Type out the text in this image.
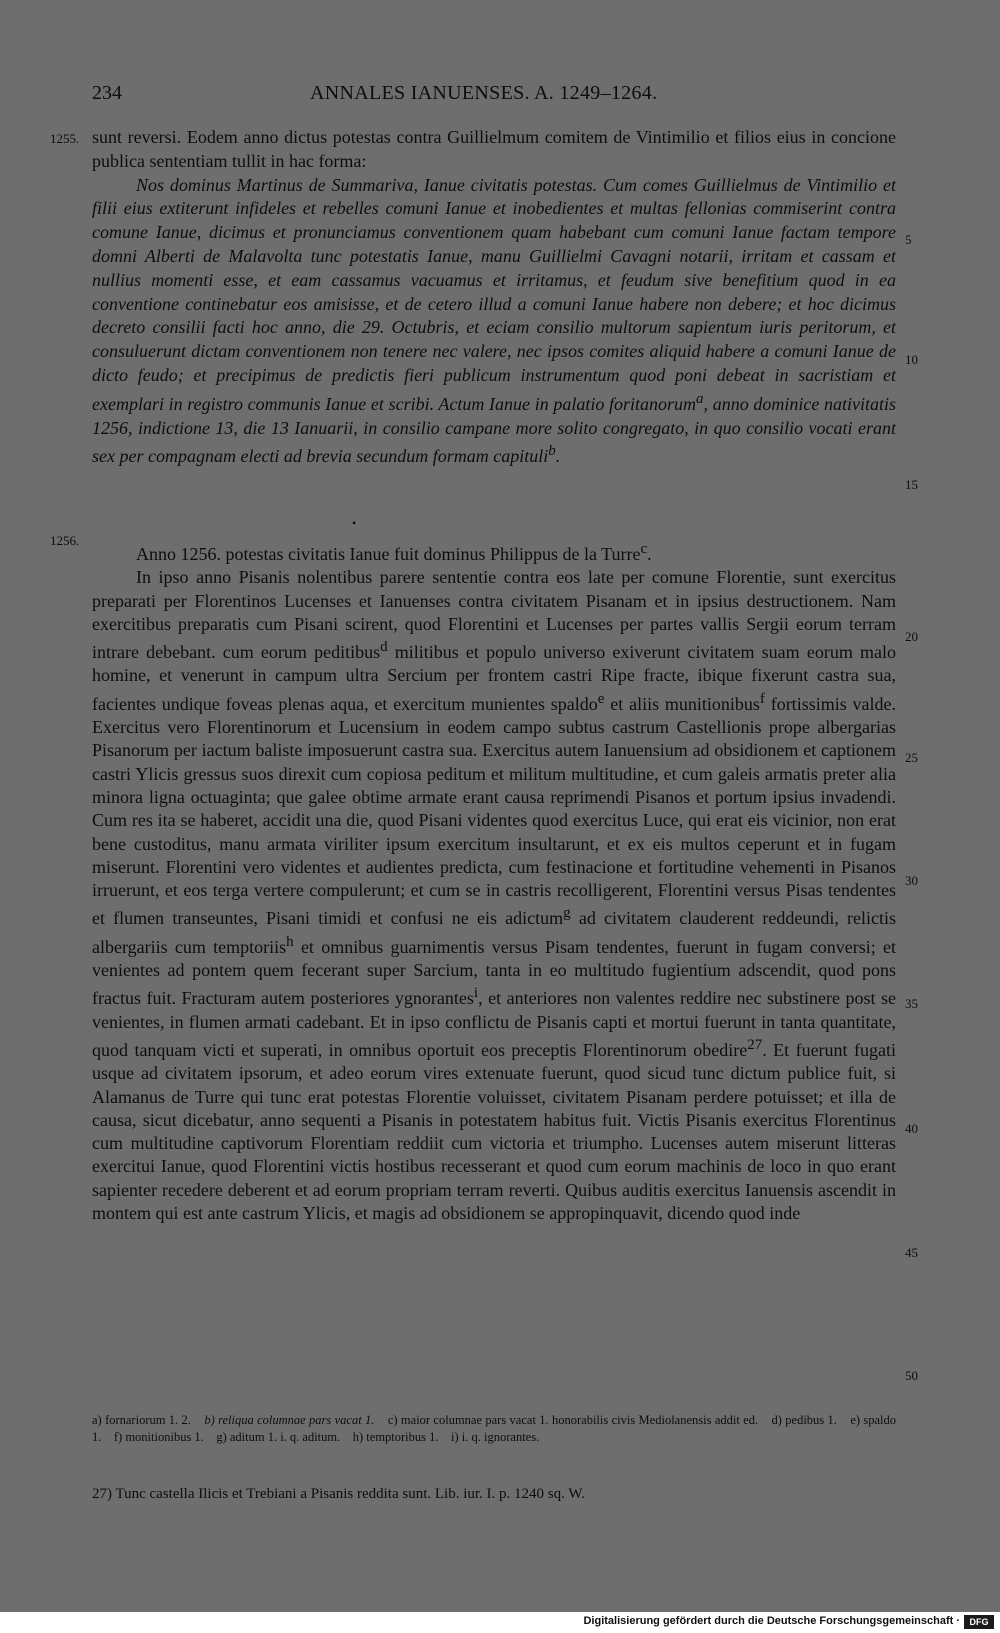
234	ANNALES IANUENSES. A. 1249–1264.
1255.
1256.
5
10
15
20
25
30
35
40
45
50

sunt reversi. Eodem anno dictus potestas contra Guillielmum comitem de Vintimilio et filios eius in concione publica sententiam tullit in hac forma:
Nos dominus Martinus de Summariva, Ianue civitatis potestas. Cum comes Guillielmus de Vintimilio et filii eius extiterunt infideles et rebelles comuni Ianue et inobedientes et multas fellonias commiserint contra comune Ianue, dicimus et pronunciamus conventionem quam habebant cum comuni Ianue factam tempore domni Alberti de Malavolta tunc potestatis Ianue, manu Guillielmi Cavagni notarii, irritam et cassam et nullius momenti esse, et eam cassamus vacuamus et irritamus, et feudum sive benefitium quod in ea conventione continebatur eos amisisse, et de cetero illud a comuni Ianue habere non debere; et hoc dicimus decreto consilii facti hoc anno, die 29. Octubris, et eciam consilio multorum sapientum iuris peritorum, et consuluerunt dictam conventionem non tenere nec valere, nec ipsos comites aliquid habere a comuni Ianue de dicto feudo; et precipimus de predictis fieri publicum instrumentum quod poni debeat in sacristiam et exemplari in registro communis Ianue et scribi. Actum Ianue in palatio foritanorum$^a$, anno dominice nativitatis 1256, indictione 13, die 13 Ianuarii, in consilio campane more solito congregato, in quo consilio vocati erant sex per compagnam electi ad brevia secundum formam capituli$^b$.

•

Anno 1256. potestas civitatis Ianue fuit dominus Philippus de la Turre$^c$.

In ipso anno Pisanis nolentibus parere sententie contra eos late per comune Florentie, sunt exercitus preparati per Florentinos Lucenses et Ianuenses contra civitatem Pisanam et in ipsius destructionem. Nam exercitibus preparatis cum Pisani scirent, quod Florentini et Lucenses per partes vallis Sergii eorum terram intrare debebant. cum eorum peditibus$^d$ militibus et populo universo exiverunt civitatem suam eorum malo homine, et venerunt in campum ultra Sercium per frontem castri Ripe fracte, ibique fixerunt castra sua, facientes undique foveas plenas aqua, et exercitum munientes spaldo$^e$ et aliis munitionibus$^f$ fortissimis valde. Exercitus vero Florentinorum et Lucensium in eodem campo subtus castrum Castellionis prope albergarias Pisanorum per iactum baliste imposuerunt castra sua. Exercitus autem Ianuensium ad obsidionem et captionem castri Ylicis gressus suos direxit cum copiosa peditum et militum multitudine, et cum galeis armatis preter alia minora ligna octuaginta; que galee obtime armate erant causa reprimendi Pisanos et portum ipsius invadendi. Cum res ita se haberet, accidit una die, quod Pisani videntes quod exercitus Luce, qui erat eis vicinior, non erat bene custoditus, manu armata viriliter ipsum exercitum insultarunt, et ex eis multos ceperunt et in fugam miserunt. Florentini vero videntes et audientes predicta, cum festinacione et fortitudine vehementi in Pisanos irruerunt, et eos terga vertere compulerunt; et cum se in castris recolligerent, Florentini versus Pisas tendentes et flumen transeuntes, Pisani timidi et confusi ne eis adictum$^g$ ad civitatem clauderent reddeundi, relictis albergariis cum temptoriis$^h$ et omnibus guarnimentis versus Pisam tendentes, fuerunt in fugam conversi; et venientes ad pontem quem fecerant super Sarcium, tanta in eo multitudo fugientium adscendit, quod pons fractus fuit. Fracturam autem posteriores ygnorantes$^i$, et anteriores non valentes reddire nec substinere post se venientes, in flumen armati cadebant. Et in ipso conflictu de Pisanis capti et mortui fuerunt in tanta quantitate, quod tanquam victi et superati, in omnibus oportuit eos preceptis Florentinorum obedire$^{27}$. Et fuerunt fugati usque ad civitatem ipsorum, et adeo eorum vires extenuate fuerunt, quod sicud tunc dictum publice fuit, si Alamanus de Turre qui tunc erat potestas Florentie voluisset, civitatem Pisanam perdere potuisset; et illa de causa, sicut dicebatur, anno sequenti a Pisanis in potestatem habitus fuit. Victis Pisanis exercitus Florentinus cum multitudine captivorum Florentiam reddiit cum victoria et triumpho. Lucenses autem miserunt litteras exercitui Ianue, quod Florentini victis hostibus recesserant et quod cum eorum machinis de loco in quo erant sapienter recedere deberent et ad eorum propriam terram reverti. Quibus auditis exercitus Ianuensis ascendit in montem qui est ante castrum Ylicis, et magis ad obsidionem se appropinquavit, dicendo quod inde

a) fornariorum 1. 2. b) reliqua columnae pars vacat 1. c) maior columnae pars vacat 1. honorabilis civis Mediolanensis addit ed. d) pedibus 1. e) spaldo 1. f) monitionibus 1. g) aditum 1. i. q. aditum. h) temptoribus 1. i) i. q. ignorantes.
27) Tunc castella Ilicis et Trebiani a Pisanis reddita sunt. Lib. iur. I. p. 1240 sq. W.
Digitalisierung gefördert durch die Deutsche Forschungsgemeinschaft ·	DFG
